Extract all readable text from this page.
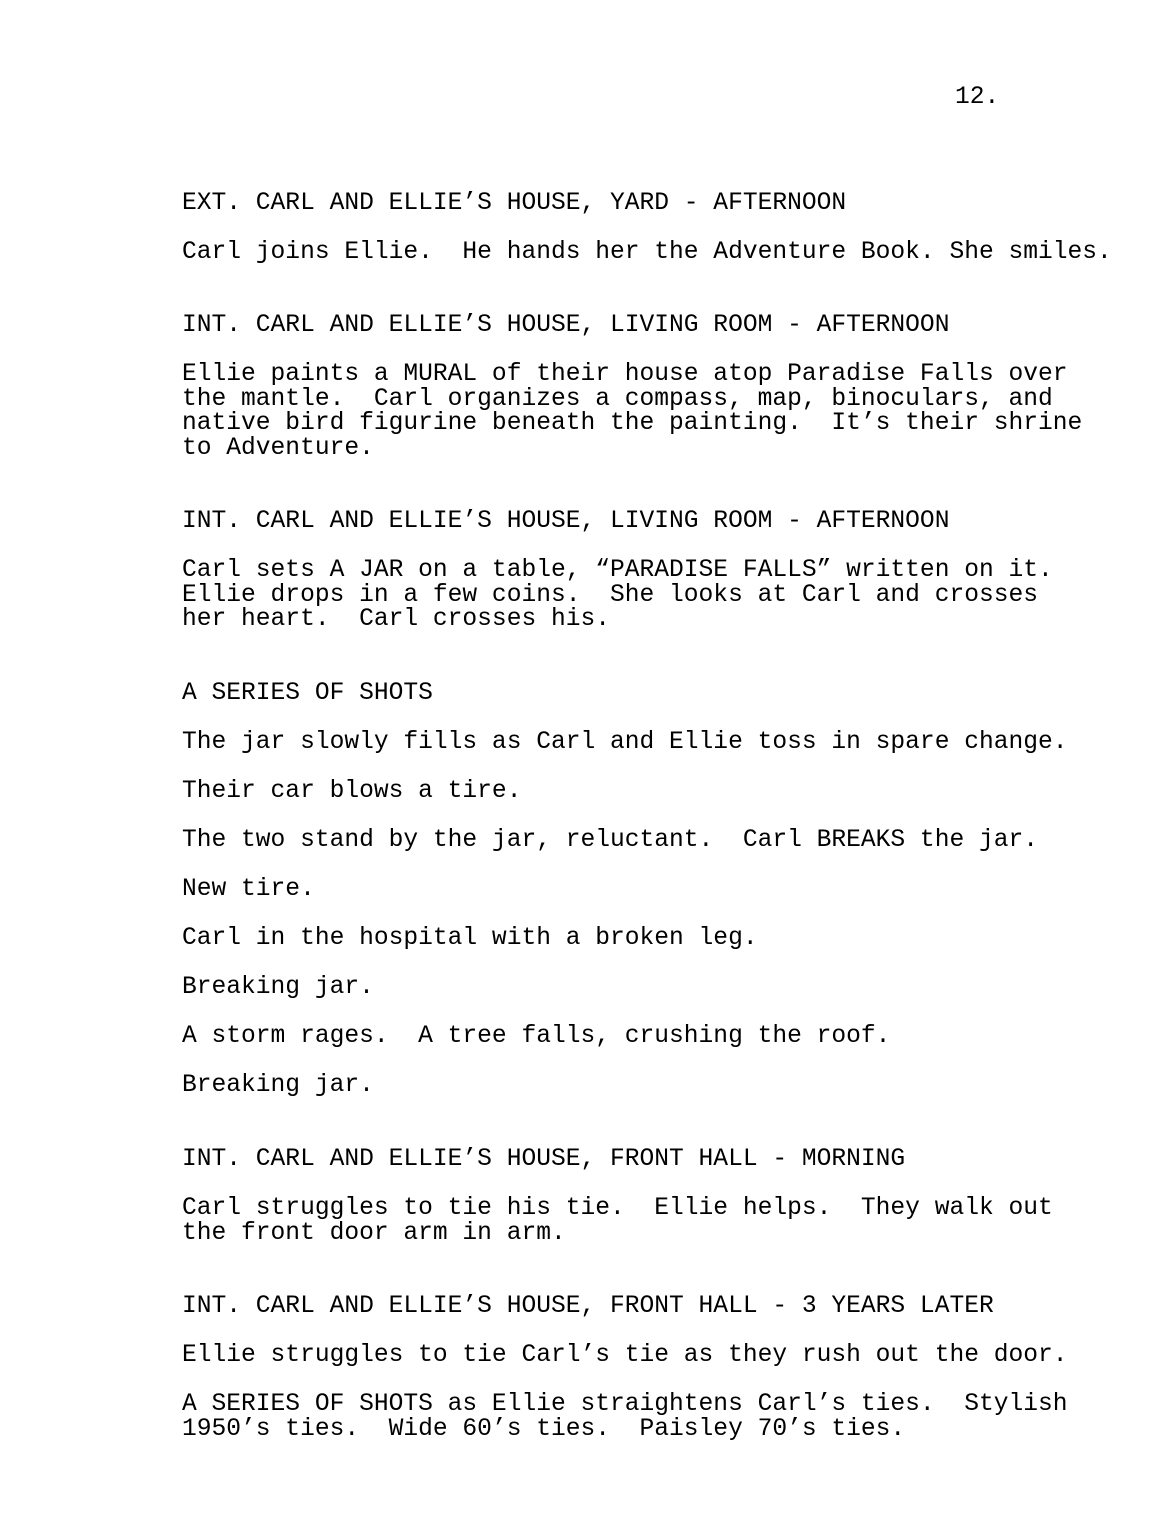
12.
EXT. CARL AND ELLIE’S HOUSE, YARD - AFTERNOON
Carl joins Ellie.  He hands her the Adventure Book. She smiles.
INT. CARL AND ELLIE’S HOUSE, LIVING ROOM - AFTERNOON
Ellie paints a MURAL of their house atop Paradise Falls over
the mantle.  Carl organizes a compass, map, binoculars, and
native bird figurine beneath the painting.  It’s their shrine
to Adventure.
INT. CARL AND ELLIE’S HOUSE, LIVING ROOM - AFTERNOON
Carl sets A JAR on a table, “PARADISE FALLS” written on it.
Ellie drops in a few coins.  She looks at Carl and crosses
her heart.  Carl crosses his.
A SERIES OF SHOTS
The jar slowly fills as Carl and Ellie toss in spare change.
Their car blows a tire.
The two stand by the jar, reluctant.  Carl BREAKS the jar.
New tire.
Carl in the hospital with a broken leg.
Breaking jar.
A storm rages.  A tree falls, crushing the roof.
Breaking jar.
INT. CARL AND ELLIE’S HOUSE, FRONT HALL - MORNING
Carl struggles to tie his tie.  Ellie helps.  They walk out
the front door arm in arm.
INT. CARL AND ELLIE’S HOUSE, FRONT HALL - 3 YEARS LATER
Ellie struggles to tie Carl’s tie as they rush out the door.
A SERIES OF SHOTS as Ellie straightens Carl’s ties.  Stylish
1950’s ties.  Wide 60’s ties.  Paisley 70’s ties.
